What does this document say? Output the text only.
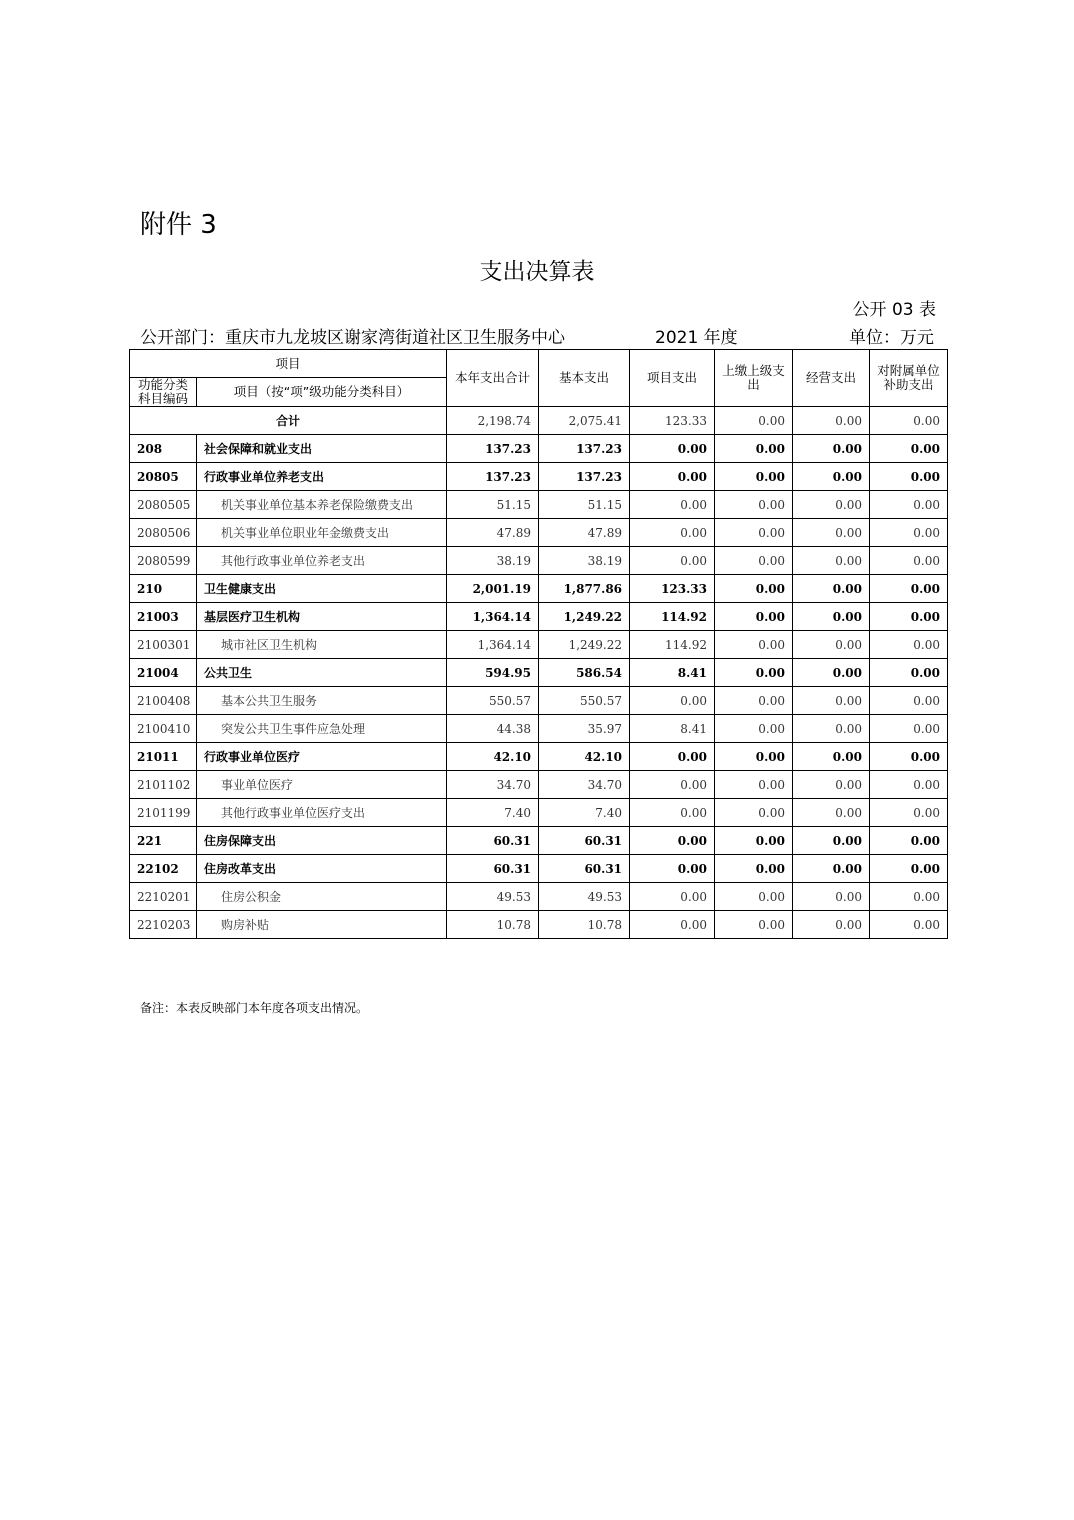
附件 3
支出决算表
公开 03 表
公开部门：重庆市九龙坡区谢家湾街道社区卫生服务中心	2021 年度	单位：万元
项目		本年支出合计	基本支出	项目支出	上缴上级支出	经营支出	对附属单位补助支出
功能分类科目编码	项目（按“项”级功能分类科目）						
合计		2,198.74	2,075.41	123.33	0.00	0.00	0.00
208	社会保障和就业支出	137.23	137.23	0.00	0.00	0.00	0.00
20805	行政事业单位养老支出	137.23	137.23	0.00	0.00	0.00	0.00
2080505	机关事业单位基本养老保险缴费支出	51.15	51.15	0.00	0.00	0.00	0.00
2080506	机关事业单位职业年金缴费支出	47.89	47.89	0.00	0.00	0.00	0.00
2080599	其他行政事业单位养老支出	38.19	38.19	0.00	0.00	0.00	0.00
210	卫生健康支出	2,001.19	1,877.86	123.33	0.00	0.00	0.00
21003	基层医疗卫生机构	1,364.14	1,249.22	114.92	0.00	0.00	0.00
2100301	城市社区卫生机构	1,364.14	1,249.22	114.92	0.00	0.00	0.00
21004	公共卫生	594.95	586.54	8.41	0.00	0.00	0.00
2100408	基本公共卫生服务	550.57	550.57	0.00	0.00	0.00	0.00
2100410	突发公共卫生事件应急处理	44.38	35.97	8.41	0.00	0.00	0.00
21011	行政事业单位医疗	42.10	42.10	0.00	0.00	0.00	0.00
2101102	事业单位医疗	34.70	34.70	0.00	0.00	0.00	0.00
2101199	其他行政事业单位医疗支出	7.40	7.40	0.00	0.00	0.00	0.00
221	住房保障支出	60.31	60.31	0.00	0.00	0.00	0.00
22102	住房改革支出	60.31	60.31	0.00	0.00	0.00	0.00
2210201	住房公积金	49.53	49.53	0.00	0.00	0.00	0.00
2210203	购房补贴	10.78	10.78	0.00	0.00	0.00	0.00
备注：本表反映部门本年度各项支出情况。
